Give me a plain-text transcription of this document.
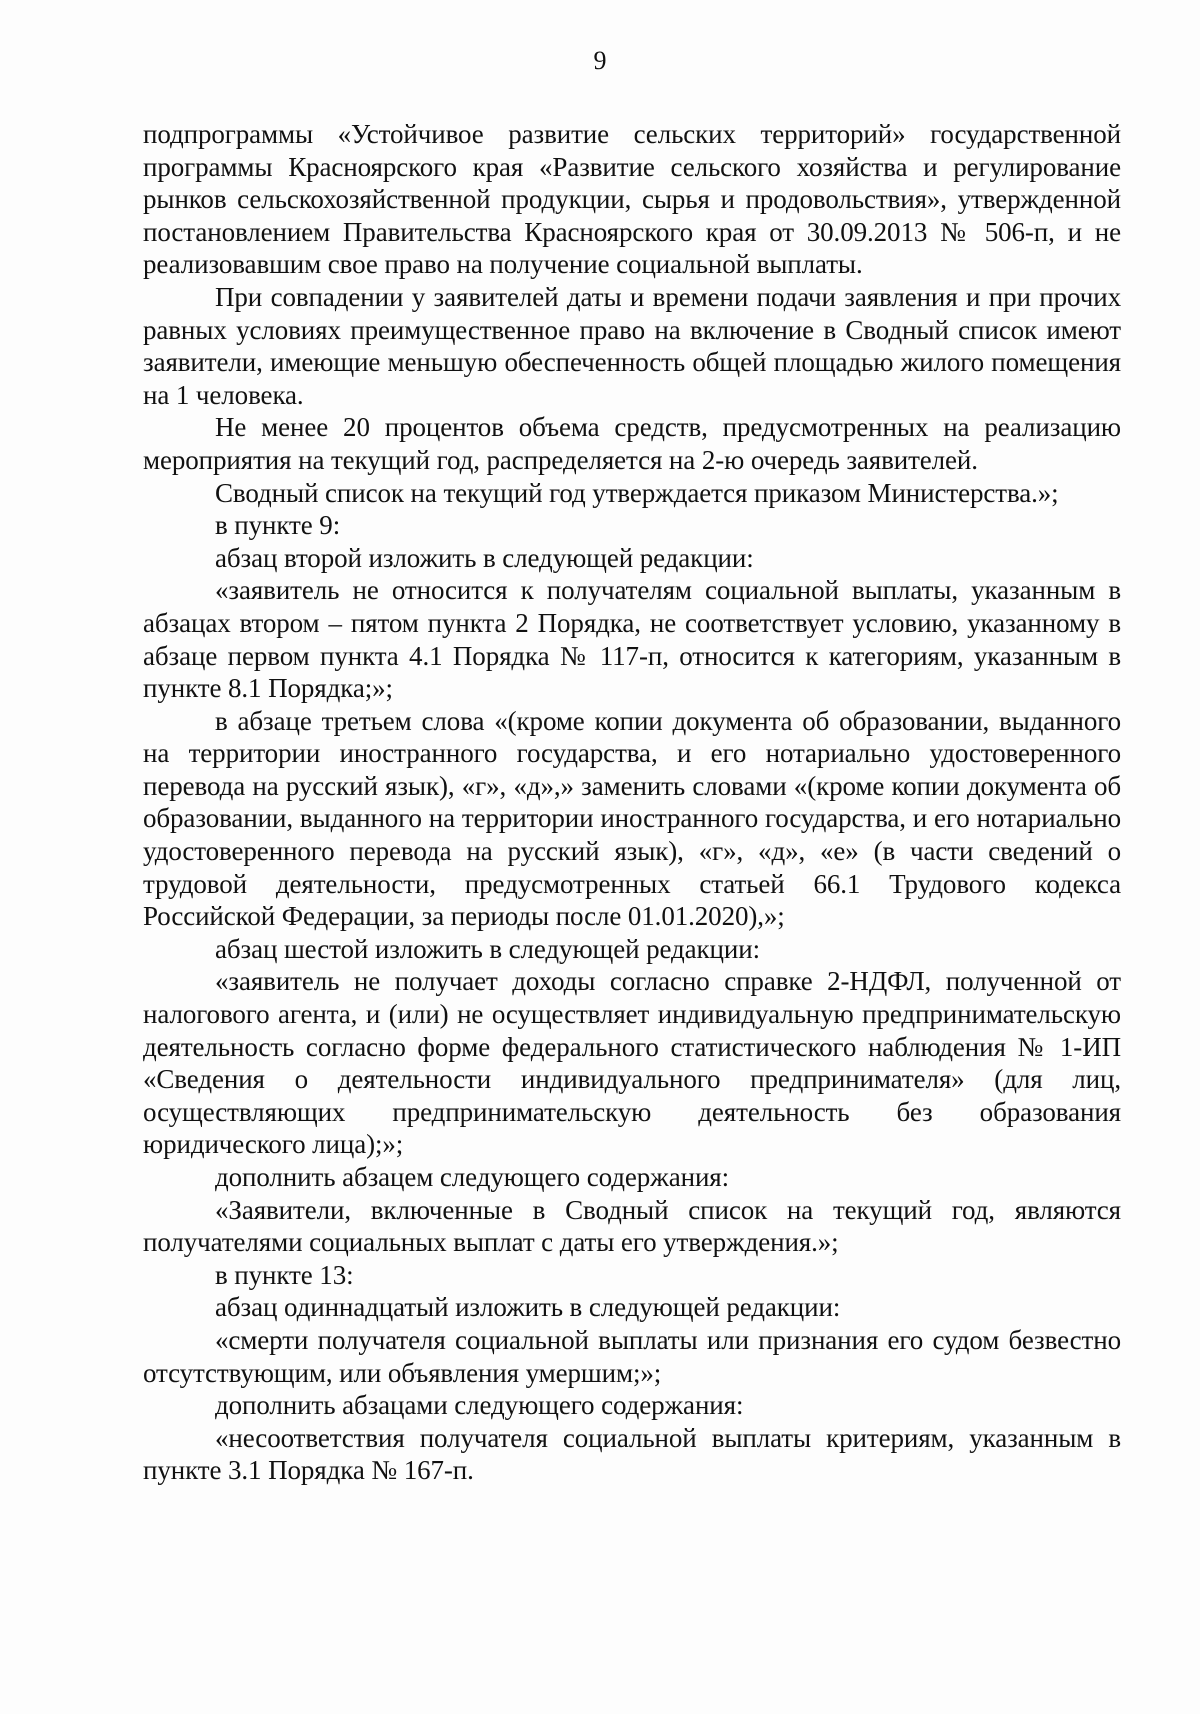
9

подпрограммы «Устойчивое развитие сельских территорий» государственной программы Красноярского края «Развитие сельского хозяйства и регулирование рынков сельскохозяйственной продукции, сырья и продовольствия», утвержденной постановлением Правительства Красноярского края от 30.09.2013 № 506-п, и не реализовавшим свое право на получение социальной выплаты.

При совпадении у заявителей даты и времени подачи заявления и при прочих равных условиях преимущественное право на включение в Сводный список имеют заявители, имеющие меньшую обеспеченность общей площадью жилого помещения на 1 человека.

Не менее 20 процентов объема средств, предусмотренных на реализацию мероприятия на текущий год, распределяется на 2-ю очередь заявителей.

Сводный список на текущий год утверждается приказом Министерства.»;

в пункте 9:

абзац второй изложить в следующей редакции:

«заявитель не относится к получателям социальной выплаты, указанным в абзацах втором – пятом пункта 2 Порядка, не соответствует условию, указанному в абзаце первом пункта 4.1 Порядка № 117-п, относится к категориям, указанным в пункте 8.1 Порядка;»;

в абзаце третьем слова «(кроме копии документа об образовании, выданного на территории иностранного государства, и его нотариально удостоверенного перевода на русский язык), «г», «д»,» заменить словами «(кроме копии документа об образовании, выданного на территории иностранного государства, и его нотариально удостоверенного перевода на русский язык), «г», «д», «е» (в части сведений о трудовой деятельности, предусмотренных статьей 66.1 Трудового кодекса Российской Федерации, за периоды после 01.01.2020),»;

абзац шестой изложить в следующей редакции:

«заявитель не получает доходы согласно справке 2-НДФЛ, полученной от налогового агента, и (или) не осуществляет индивидуальную предпринимательскую деятельность согласно форме федерального статистического наблюдения № 1-ИП «Сведения о деятельности индивидуального предпринимателя» (для лиц, осуществляющих предпринимательскую деятельность без образования юридического лица);»;

дополнить абзацем следующего содержания:

«Заявители, включенные в Сводный список на текущий год, являются получателями социальных выплат с даты его утверждения.»;

в пункте 13:

абзац одиннадцатый изложить в следующей редакции:

«смерти получателя социальной выплаты или признания его судом безвестно отсутствующим, или объявления умершим;»;

дополнить абзацами следующего содержания:

«несоответствия получателя социальной выплаты критериям, указанным в пункте 3.1 Порядка № 167-п.
